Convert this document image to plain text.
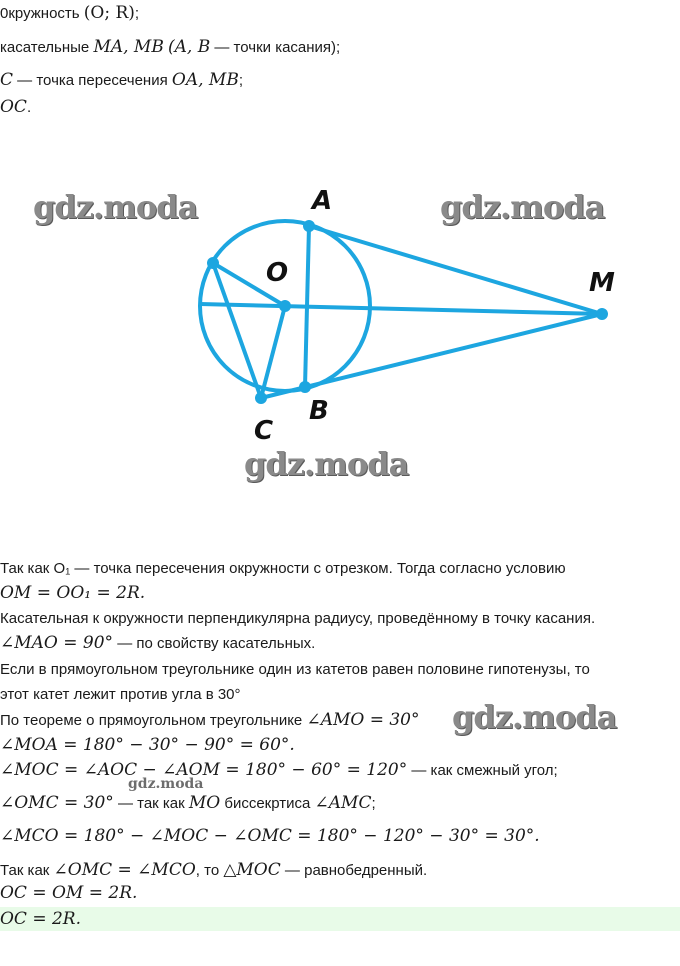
0кружность (O; R);
касательные MA, MB (A, B — точки касания);
C — точка пересечения OA, MB;
OC.
A
O	M
B
C
gdz.moda	gdz.moda
gdz.moda
gdz.moda
gdz.moda
Так как O₁ — точка пересечения окружности с отрезком. Тогда согласно условию
OM = OO₁ = 2R.
Касательная к окружности перпендикулярна радиусу, проведённому в точку касания.
∠MAO = 90° — по свойству касательных.
Если в прямоугольном треугольнике один из катетов равен половине гипотенузы, то
этот катет лежит против угла в 30°
По теореме о прямоугольном треугольнике ∠AMO = 30°
∠MOA = 180° − 30° − 90° = 60°.
∠MOC = ∠AOC − ∠AOM = 180° − 60° = 120° — как смежный угол;
∠OMC = 30° — так как MO биссекртиса ∠AMC;
∠MCO = 180° − ∠MOC − ∠OMC = 180° − 120° − 30° = 30°.
Так как ∠OMC = ∠MCO, то △MOC — равнобедренный.
OC = OM = 2R.
OC = 2R.
